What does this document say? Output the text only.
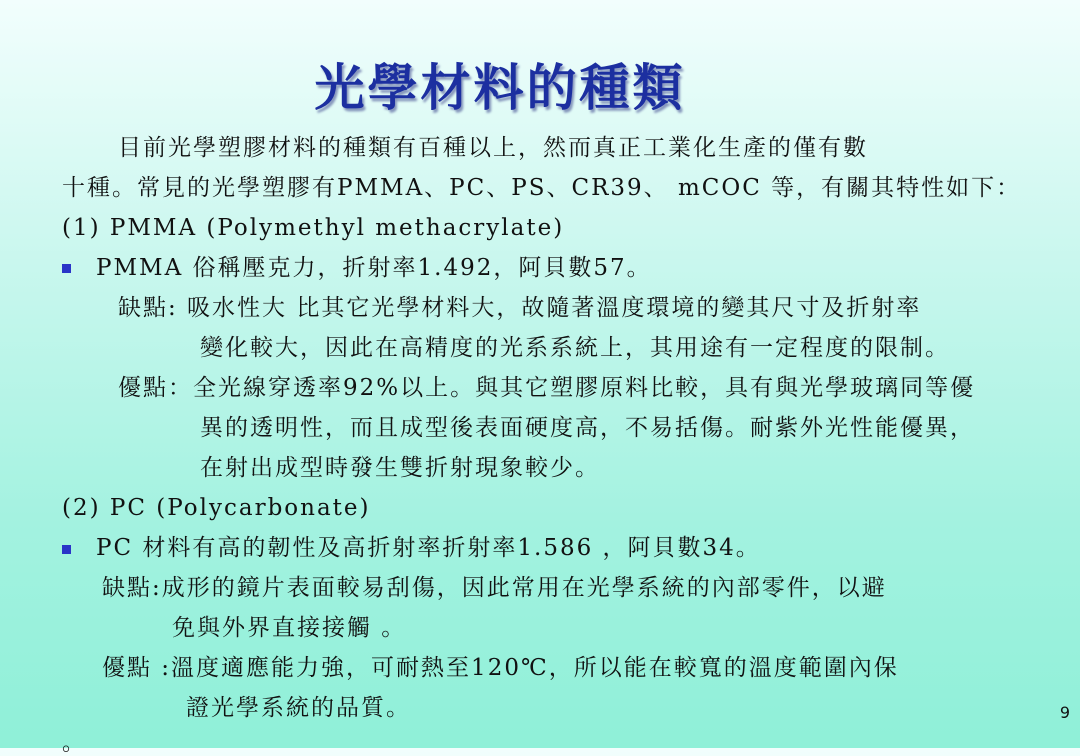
光學材料的種類
目前光學塑膠材料的種類有百種以上，然而真正工業化生產的僅有數
十種。常見的光學塑膠有PMMA、PC、PS、CR39、 mCOC 等，有關其特性如下：
(1) PMMA (Polymethyl methacrylate)
PMMA 俗稱壓克力，折射率1.492，阿貝數57。
缺點: 吸水性大 比其它光學材料大，故隨著溫度環境的變其尺寸及折射率
變化較大，因此在高精度的光系系統上，其用途有一定程度的限制。
優點：全光線穿透率92%以上。與其它塑膠原料比較，具有與光學玻璃同等優
異的透明性，而且成型後表面硬度高，不易括傷。耐紫外光性能優異，
在射出成型時發生雙折射現象較少。
(2) PC (Polycarbonate)
PC 材料有高的韌性及高折射率折射率1.586 ，阿貝數34。
缺點:成形的鏡片表面較易刮傷，因此常用在光學系統的內部零件，以避
免與外界直接接觸 。
優點 :溫度適應能力強，可耐熱至120℃，所以能在較寬的溫度範圍內保
證光學系統的品質。
。
9
